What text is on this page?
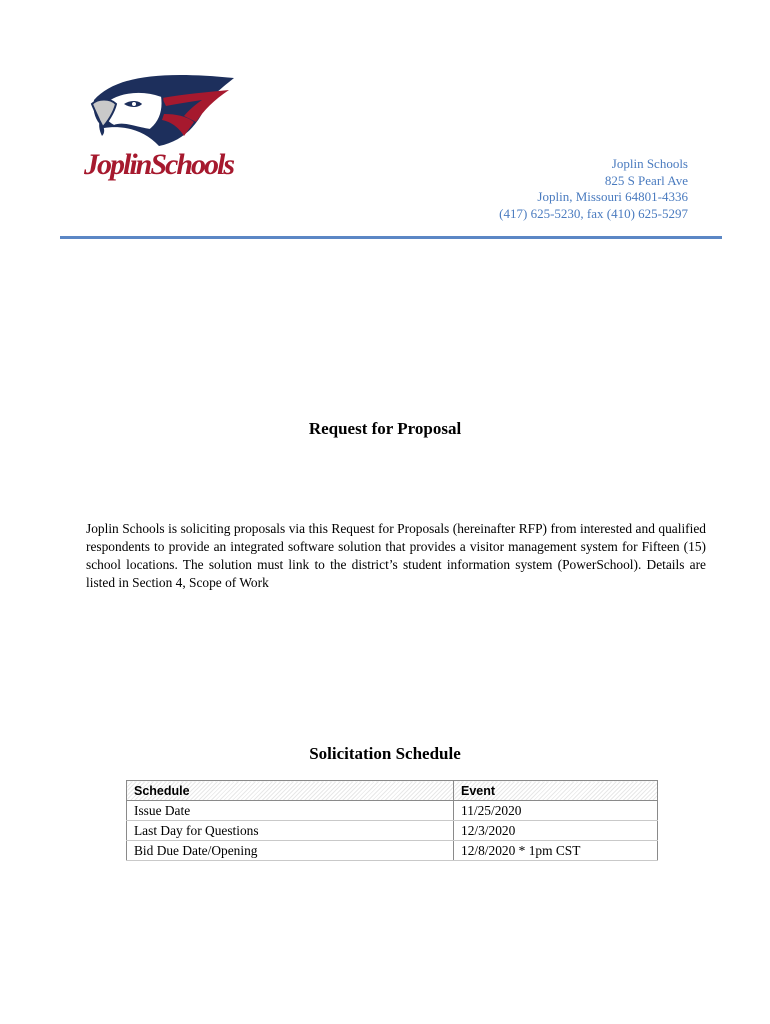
JoplinSchools	Joplin Schools
825 S Pearl Ave
Joplin, Missouri 64801-4336
(417) 625-5230, fax (410) 625-5297
Request for Proposal

Joplin Schools is soliciting proposals via this Request for Proposals (hereinafter RFP) from interested and qualified respondents to provide an integrated software solution that provides a visitor management system for Fifteen (15) school locations. The solution must link to the district’s student information system (PowerSchool). Details are listed in Section 4, Scope of Work

Solicitation Schedule
Schedule	Event
Issue Date	11/25/2020
Last Day for Questions	12/3/2020
Bid Due Date/Opening	12/8/2020 * 1pm CST
